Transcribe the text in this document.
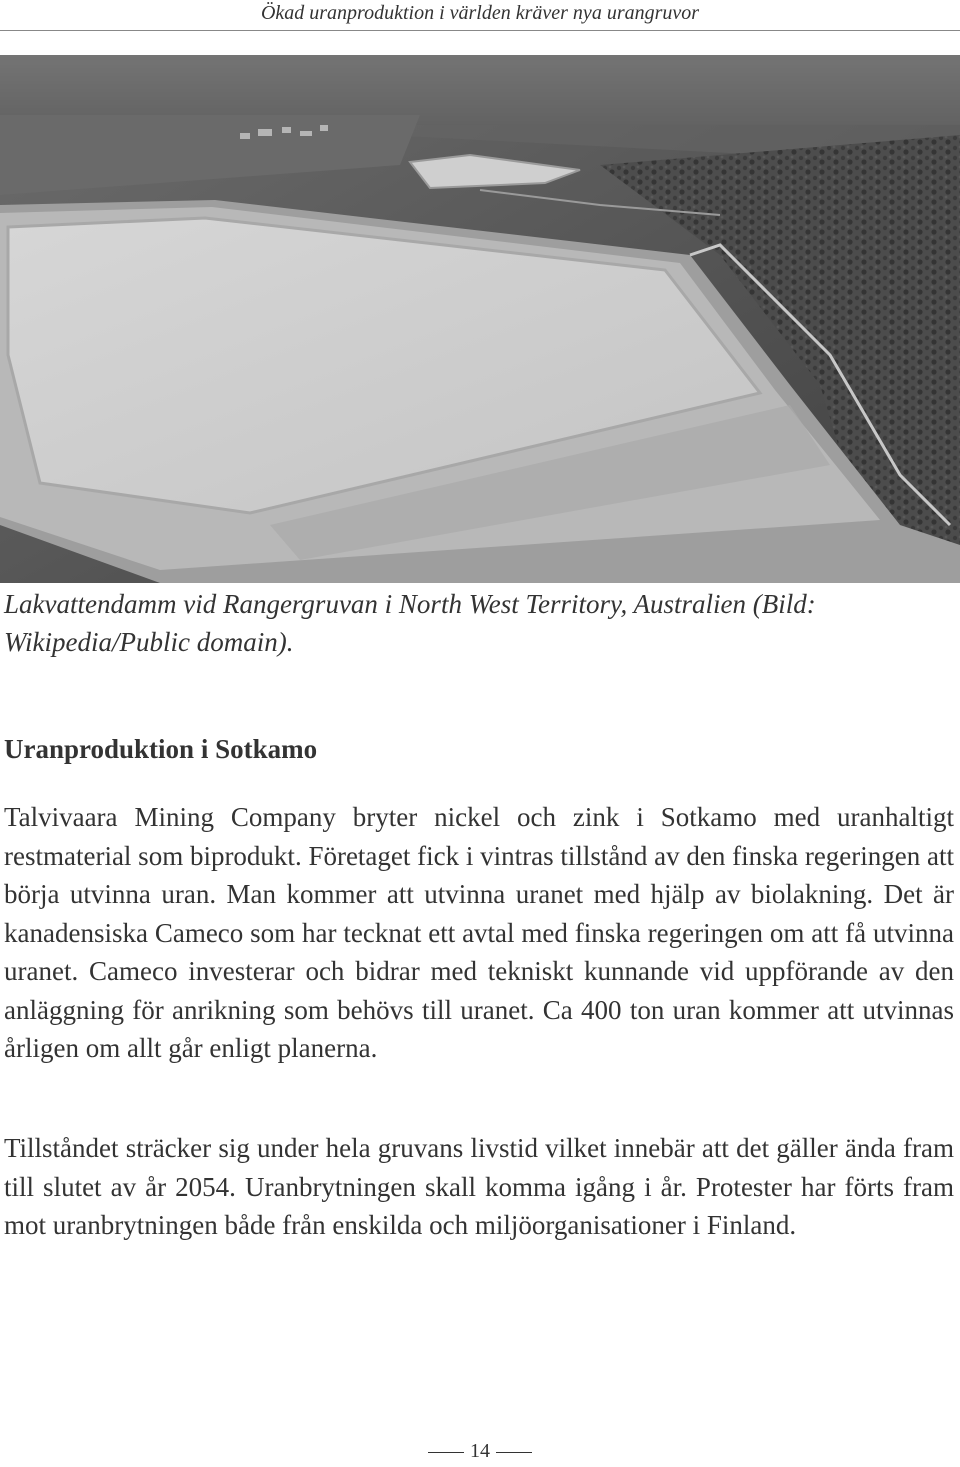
Ökad uranproduktion i världen kräver nya urangruvor

Lakvattendamm vid Rangergruvan i North West Territory, Australien (Bild: Wikipedia/Public domain).

Uranproduktion i Sotkamo

Talvivaara Mining Company bryter nickel och zink i Sotkamo med uranhaltigt restmaterial som biprodukt. Företaget fick i vintras tillstånd av den finska regeringen att börja utvinna uran. Man kommer att utvinna uranet med hjälp av biolakning. Det är kanadensiska Cameco som har tecknat ett avtal med finska regeringen om att få utvinna uranet. Cameco investerar och bidrar med tekniskt kunnande vid uppförande av den anläggning för anrikning som behövs till uranet. Ca 400 ton uran kommer att utvinnas årligen om allt går enligt planerna.

Tillståndet sträcker sig under hela gruvans livstid vilket innebär att det gäller ända fram till slutet av år 2054. Uranbrytningen skall komma igång i år. Protester har förts fram mot uranbrytningen både från enskilda och miljöorganisationer i Finland.

14
